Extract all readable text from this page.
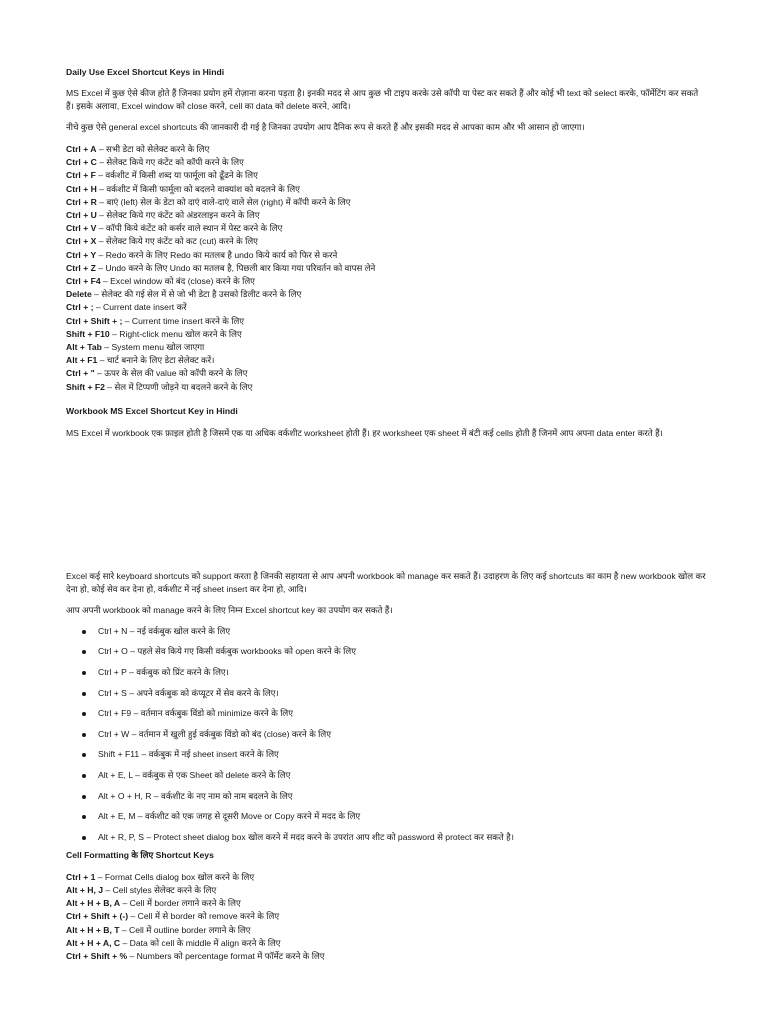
Daily Use Excel Shortcut Keys in Hindi

MS Excel में कुछ ऐसे कीज होते हैं जिनका प्रयोग हमें रोज़ाना करना पड़ता है। इनकी मदद से आप कुछ भी टाइप करके उसे कॉपी या पेस्ट कर सकते हैं और कोई भी text को select करके, फॉर्मेटिंग कर सकते हैं। इसके अलावा, Excel window को close करने, cell का data को delete करने, आदि।

नीचे कुछ ऐसे general excel shortcuts की जानकारी दी गई है जिनका उपयोग आप दैनिक रूप से करते हैं और इसकी मदद से आपका काम और भी आसान हो जाएगा।

Ctrl + A – सभी डेटा को सेलेक्ट करने के लिए
Ctrl + C – सेलेक्ट किये गए कंटेंट को कॉपी करने के लिए
Ctrl + F – वर्कशीट में किसी शब्द या फार्मूला को ढूँढने के लिए
Ctrl + H – वर्कशीट में किसी फार्मूला को बदलने वाक्यांश को बदलने के लिए
Ctrl + R – बाएं (left) सेल के डेटा को दाएं वाले-दाएं वाले सेल (right) में कॉपी करने के लिए
Ctrl + U – सेलेक्ट किये गए कंटेंट को अंडरलाइन करने के लिए
Ctrl + V – कॉपी किये कंटेंट को कर्सर वाले स्थान में पेस्ट करने के लिए
Ctrl + X – सेलेक्ट किये गए कंटेंट को कट (cut) करने के लिए
Ctrl + Y – Redo करने के लिए Redo का मतलब है undo किये कार्य को फिर से करने
Ctrl + Z – Undo करने के लिए Undo का मतलब है, पिछली बार किया गया परिवर्तन को वापस लेने
Ctrl + F4 – Excel window को बंद (close) करने के लिए
Delete – सेलेक्ट की गई सेल में से जो भी डेटा है उसको डिलीट करने के लिए
Ctrl + ; – Current date insert करें
Ctrl + Shift + ; – Current time insert करने के लिए
Shift + F10 – Right-click menu खोल करने के लिए
Alt + Tab – System menu खोल जाएगा
Alt + F1 – चार्ट बनाने के लिए डेटा सेलेक्ट करें।
Ctrl + " – ऊपर के सेल की value को कॉपी करने के लिए
Shift + F2 – सेल में टिप्पणी जोड़ने या बदलने करने के लिए
Workbook MS Excel Shortcut Key in Hindi

MS Excel में workbook एक फ़ाइल होती है जिसमें एक या अधिक वर्कशीट worksheet होती हैं। हर worksheet एक sheet में बंटी कई cells होती हैं जिनमें आप अपना data enter करते हैं।

Excel कई सारे keyboard shortcuts को support करता है जिनकी सहायता से आप अपनी workbook को manage कर सकते हैं। उदाहरण के लिए कई shortcuts का काम है new workbook खोल कर देना हो, कोई सेव कर देना हो, वर्कशीट में नई sheet insert कर देना हो, आदि।

आप अपनी workbook को manage करने के लिए निम्न Excel shortcut key का उपयोग कर सकते हैं।

Ctrl + N – नई वर्कबुक खोल करने के लिए
Ctrl + O – पहले सेव किये गए किसी वर्कबुक workbooks को open करने के लिए
Ctrl + P – वर्कबुक को प्रिंट करने के लिए।
Ctrl + S – अपने वर्कबुक को कंप्यूटर में सेव करने के लिए।
Ctrl + F9 – वर्तमान वर्कबुक विंडो को minimize करने के लिए
Ctrl + W – वर्तमान में खुली हुई वर्कबुक विंडो को बंद (close) करने के लिए
Shift + F11 – वर्कबुक में नई sheet insert करने के लिए
Alt + E, L – वर्कबुक से एक Sheet को delete करने के लिए
Alt + O + H, R – वर्कशीट के नए नाम को नाम बदलने के लिए
Alt + E, M – वर्कशीट को एक जगह से दूसरी Move or Copy करने में मदद के लिए
Alt + R, P, S – Protect sheet dialog box खोल करने में मदद करने के उपरांत आप शीट को password से protect कर सकते है।
Cell Formatting के लिए Shortcut Keys
Ctrl + 1 – Format Cells dialog box खोल करने के लिए
Alt + H, J – Cell styles सेलेक्ट करने के लिए
Alt + H + B, A – Cell में border लगाने करने के लिए
Ctrl + Shift + (-) – Cell में से border को remove करने के लिए
Alt + H + B, T – Cell में outline border लगाने के लिए
Alt + H + A, C – Data को cell के middle में align करने के लिए
Ctrl + Shift + % – Numbers को percentage format में फॉर्मेट करने के लिए
